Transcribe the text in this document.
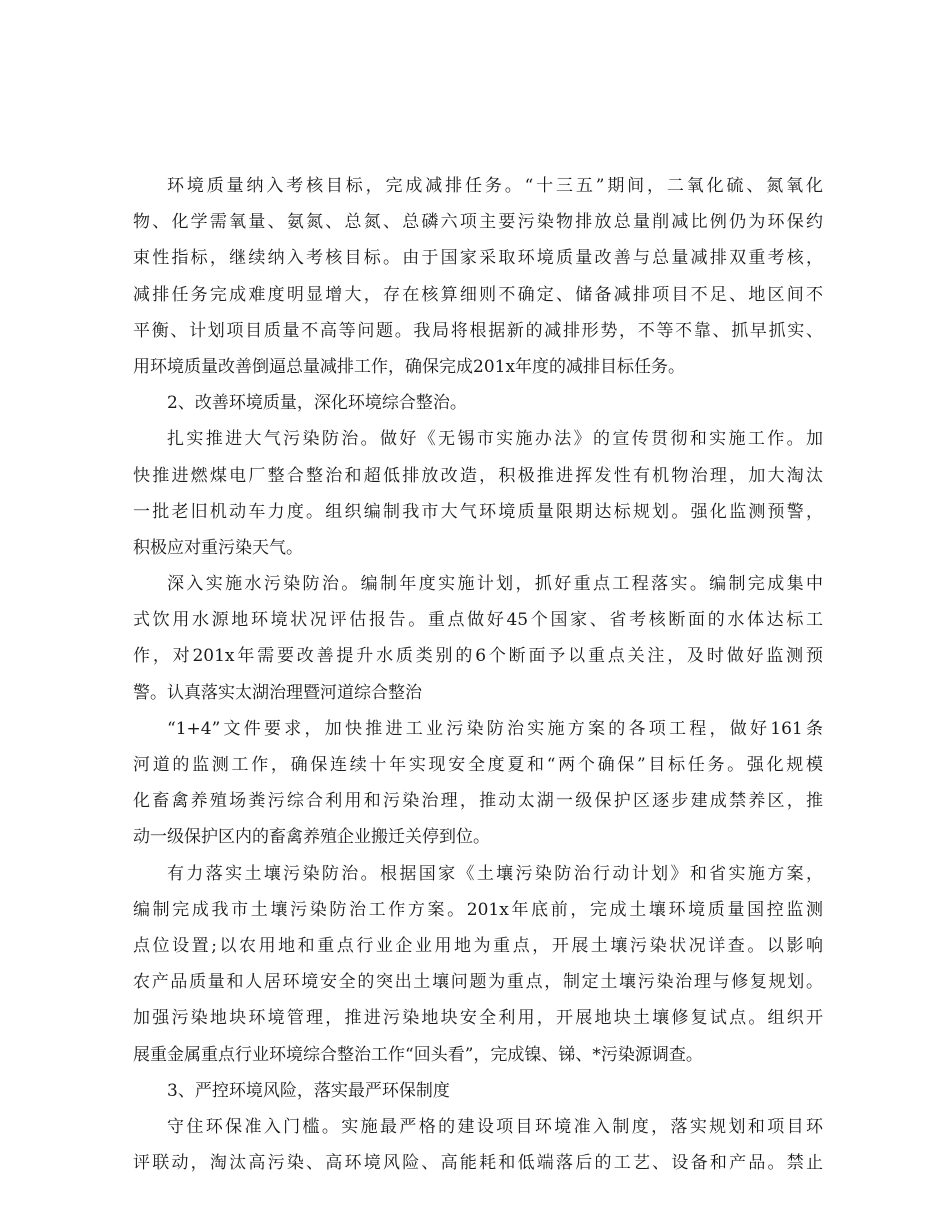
环境质量纳入考核目标，完成减排任务。“十三五”期间，二氧化硫、氮氧化
物、化学需氧量、氨氮、总氮、总磷六项主要污染物排放总量削减比例仍为环保约
束性指标，继续纳入考核目标。由于国家采取环境质量改善与总量减排双重考核，
减排任务完成难度明显增大，存在核算细则不确定、储备减排项目不足、地区间不
平衡、计划项目质量不高等问题。我局将根据新的减排形势，不等不靠、抓早抓实、
用环境质量改善倒逼总量减排工作，确保完成201x年度的减排目标任务。
2、改善环境质量，深化环境综合整治。
扎实推进大气污染防治。做好《无锡市实施办法》的宣传贯彻和实施工作。加
快推进燃煤电厂整合整治和超低排放改造，积极推进挥发性有机物治理，加大淘汰
一批老旧机动车力度。组织编制我市大气环境质量限期达标规划。强化监测预警，
积极应对重污染天气。
深入实施水污染防治。编制年度实施计划，抓好重点工程落实。编制完成集中
式饮用水源地环境状况评估报告。重点做好45个国家、省考核断面的水体达标工
作，对201x年需要改善提升水质类别的6个断面予以重点关注，及时做好监测预
警。认真落实太湖治理暨河道综合整治
“1+4”文件要求，加快推进工业污染防治实施方案的各项工程，做好161条
河道的监测工作，确保连续十年实现安全度夏和“两个确保”目标任务。强化规模
化畜禽养殖场粪污综合利用和污染治理，推动太湖一级保护区逐步建成禁养区，推
动一级保护区内的畜禽养殖企业搬迁关停到位。
有力落实土壤污染防治。根据国家《土壤污染防治行动计划》和省实施方案，
编制完成我市土壤污染防治工作方案。201x年底前，完成土壤环境质量国控监测
点位设置;以农用地和重点行业企业用地为重点，开展土壤污染状况详查。以影响
农产品质量和人居环境安全的突出土壤问题为重点，制定土壤污染治理与修复规划。
加强污染地块环境管理，推进污染地块安全利用，开展地块土壤修复试点。组织开
展重金属重点行业环境综合整治工作“回头看”，完成镍、锑、*污染源调查。
3、严控环境风险，落实最严环保制度
守住环保准入门槛。实施最严格的建设项目环境准入制度，落实规划和项目环
评联动，淘汰高污染、高环境风险、高能耗和低端落后的工艺、设备和产品。禁止
